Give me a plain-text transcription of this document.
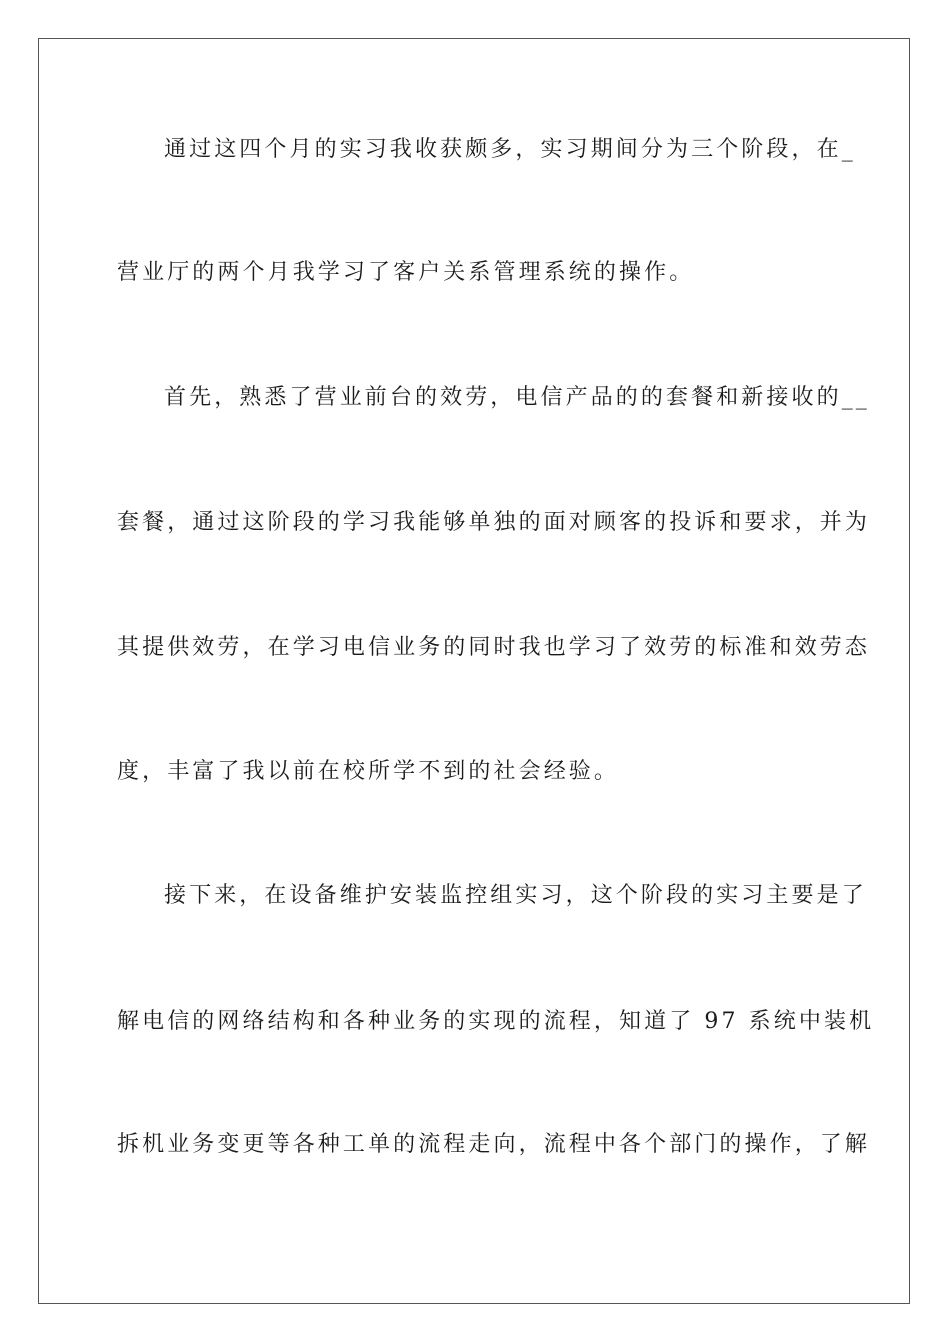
通过这四个月的实习我收获颇多，实习期间分为三个阶段，在_
营业厅的两个月我学习了客户关系管理系统的操作。
首先，熟悉了营业前台的效劳，电信产品的的套餐和新接收的__
套餐，通过这阶段的学习我能够单独的面对顾客的投诉和要求，并为
其提供效劳，在学习电信业务的同时我也学习了效劳的标准和效劳态
度，丰富了我以前在校所学不到的社会经验。
接下来，在设备维护安装监控组实习，这个阶段的实习主要是了
解电信的网络结构和各种业务的实现的流程，知道了 97 系统中装机
拆机业务变更等各种工单的流程走向，流程中各个部门的操作，了解
